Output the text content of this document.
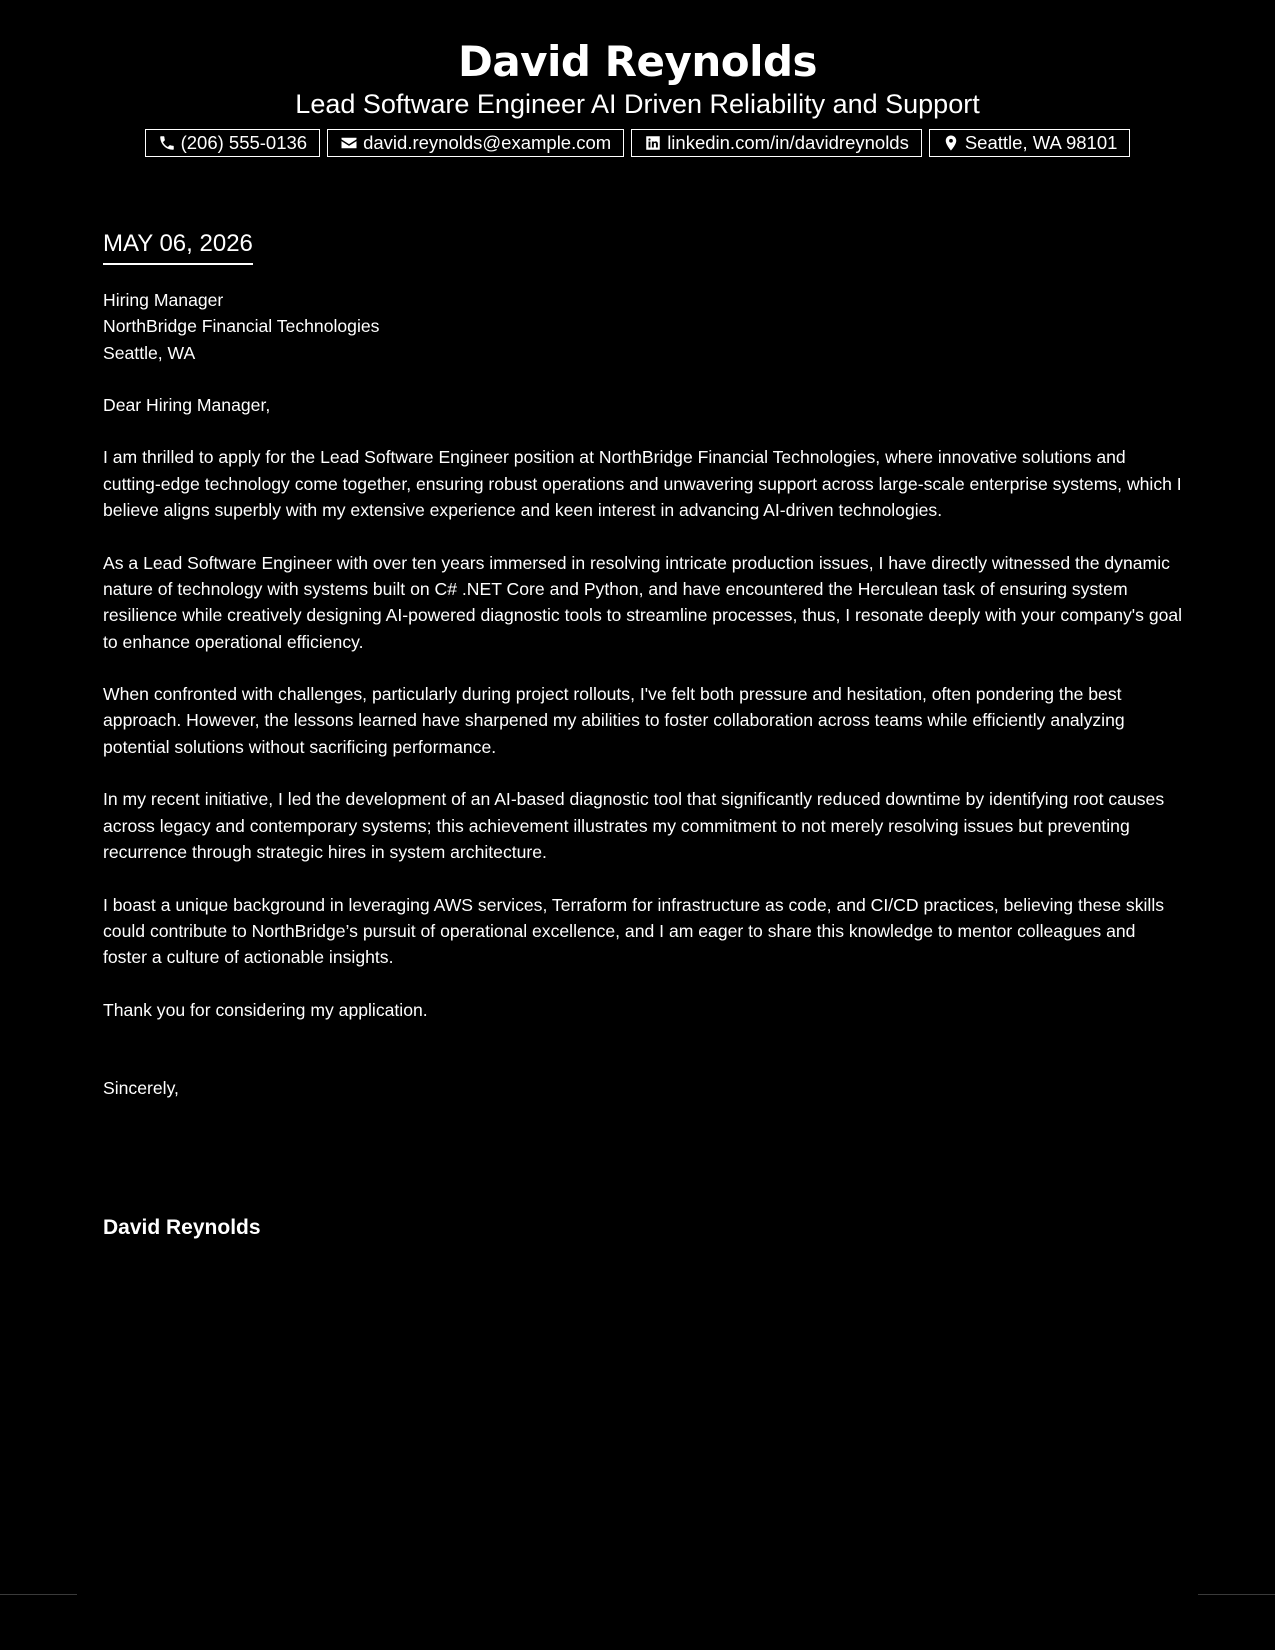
David Reynolds
Lead Software Engineer AI Driven Reliability and Support
(206) 555-0136	david.reynolds@example.com	linkedin.com/in/davidreynolds	Seattle, WA 98101
MAY 06, 2026
Hiring Manager
NorthBridge Financial Technologies
Seattle, WA

Dear Hiring Manager,

I am thrilled to apply for the Lead Software Engineer position at NorthBridge Financial Technologies, where innovative solutions and cutting-edge technology come together, ensuring robust operations and unwavering support across large-scale enterprise systems, which I believe aligns superbly with my extensive experience and keen interest in advancing AI-driven technologies.

As a Lead Software Engineer with over ten years immersed in resolving intricate production issues, I have directly witnessed the dynamic nature of technology with systems built on C# .NET Core and Python, and have encountered the Herculean task of ensuring system resilience while creatively designing AI-powered diagnostic tools to streamline processes, thus, I resonate deeply with your company's goal to enhance operational efficiency.

When confronted with challenges, particularly during project rollouts, I've felt both pressure and hesitation, often pondering the best approach. However, the lessons learned have sharpened my abilities to foster collaboration across teams while efficiently analyzing potential solutions without sacrificing performance.

In my recent initiative, I led the development of an AI-based diagnostic tool that significantly reduced downtime by identifying root causes across legacy and contemporary systems; this achievement illustrates my commitment to not merely resolving issues but preventing recurrence through strategic hires in system architecture.

I boast a unique background in leveraging AWS services, Terraform for infrastructure as code, and CI/CD practices, believing these skills could contribute to NorthBridge’s pursuit of operational excellence, and I am eager to share this knowledge to mentor colleagues and foster a culture of actionable insights.

Thank you for considering my application.

Sincerely,
David Reynolds
